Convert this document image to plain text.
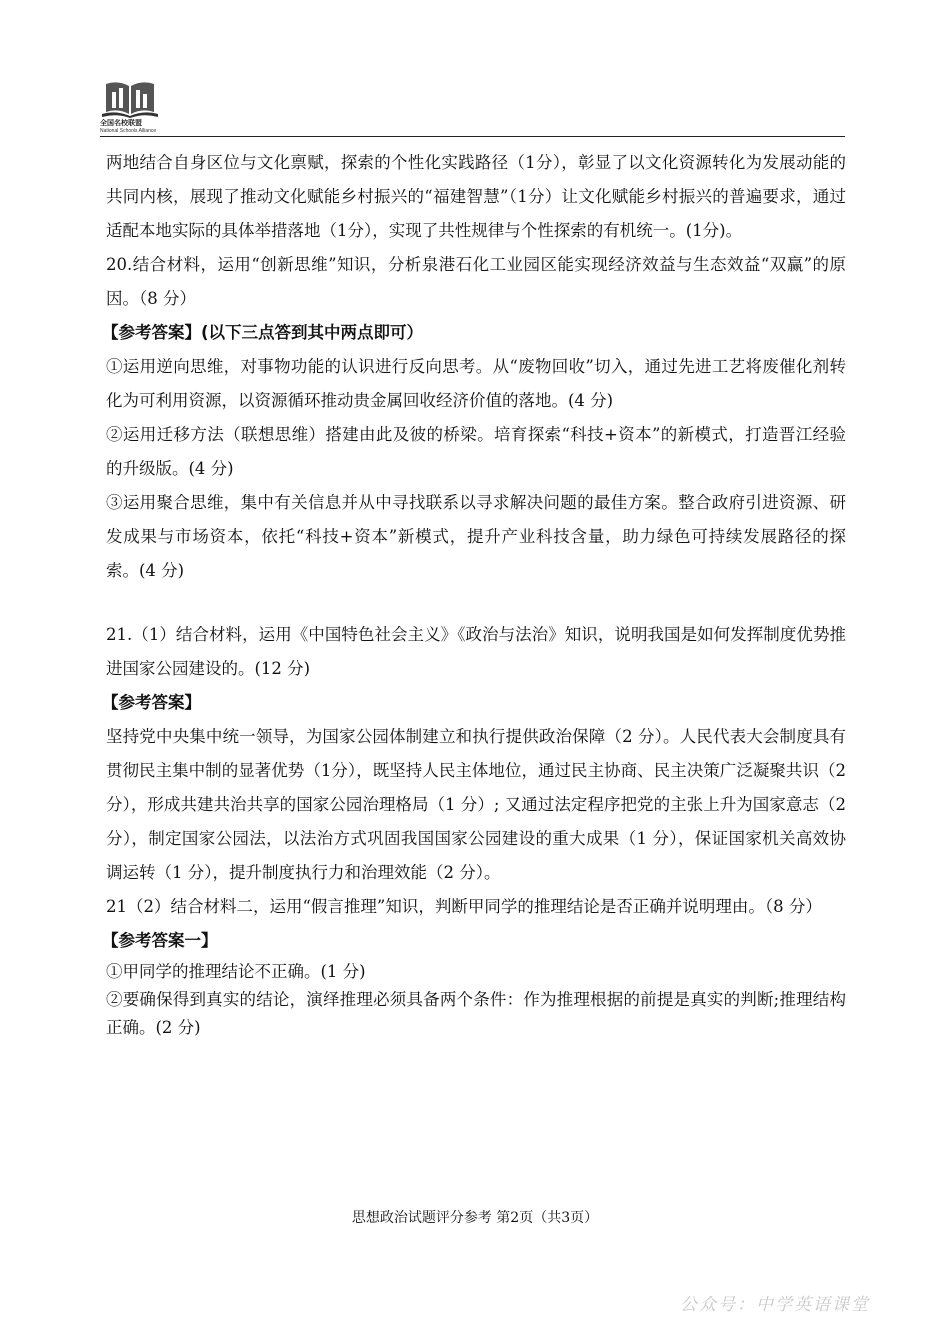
全国名校联盟
National Schools Alliance

两地结合自身区位与文化禀赋，探索的个性化实践路径（1分），彰显了以文化资源转化为发展动能的共同内核，展现了推动文化赋能乡村振兴的“福建智慧”（1分）让文化赋能乡村振兴的普遍要求，通过适配本地实际的具体举措落地（1分），实现了共性规律与个性探索的有机统一。(1分)。

20.结合材料，运用“创新思维”知识，分析泉港石化工业园区能实现经济效益与生态效益“双赢”的原因。（8 分）

【参考答案】(以下三点答到其中两点即可）

①运用逆向思维，对事物功能的认识进行反向思考。从“废物回收”切入，通过先进工艺将废催化剂转化为可利用资源，以资源循环推动贵金属回收经济价值的落地。(4 分)

②运用迁移方法（联想思维）搭建由此及彼的桥梁。培育探索“科技+资本”的新模式，打造晋江经验的升级版。(4 分)

③运用聚合思维，集中有关信息并从中寻找联系以寻求解决问题的最佳方案。整合政府引进资源、研发成果与市场资本，依托“科技+资本”新模式，提升产业科技含量，助力绿色可持续发展路径的探索。(4 分)

21.（1）结合材料，运用《中国特色社会主义》《政治与法治》知识，说明我国是如何发挥制度优势推进国家公园建设的。(12 分)

【参考答案】

坚持党中央集中统一领导，为国家公园体制建立和执行提供政治保障（2 分）。人民代表大会制度具有贯彻民主集中制的显著优势（1分），既坚持人民主体地位，通过民主协商、民主决策广泛凝聚共识（2 分），形成共建共治共享的国家公园治理格局（1 分）; 又通过法定程序把党的主张上升为国家意志（2 分），制定国家公园法，以法治方式巩固我国国家公园建设的重大成果（1 分），保证国家机关高效协调运转（1 分），提升制度执行力和治理效能（2 分）。

21（2）结合材料二，运用“假言推理”知识，判断甲同学的推理结论是否正确并说明理由。（8 分）

【参考答案一】

①甲同学的推理结论不正确。(1 分)

②要确保得到真实的结论，演绎推理必须具备两个条件：作为推理根据的前提是真实的判断;推理结构正确。(2 分)

思想政治试题评分参考 第2页（共3页）
公众号：中学英语课堂
